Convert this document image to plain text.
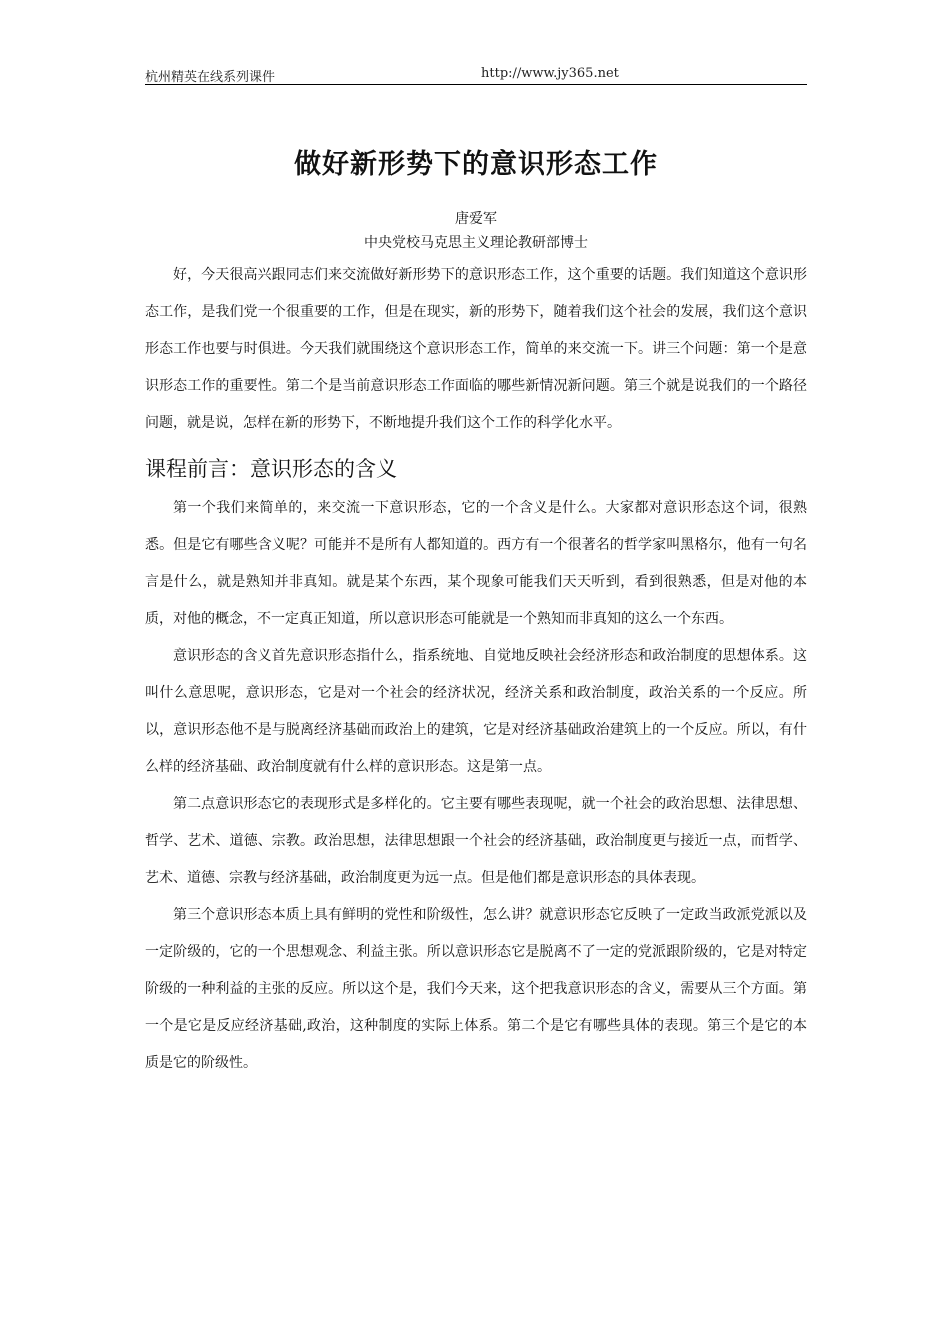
杭州精英在线系列课件	http://www.jy365.net
做好新形势下的意识形态工作
唐爱军
中央党校马克思主义理论教研部博士

好，今天很高兴跟同志们来交流做好新形势下的意识形态工作，这个重要的话题。我们知道这个意识形态工作，是我们党一个很重要的工作，但是在现实，新的形势下，随着我们这个社会的发展，我们这个意识形态工作也要与时俱进。今天我们就围绕这个意识形态工作，简单的来交流一下。讲三个问题：第一个是意识形态工作的重要性。第二个是当前意识形态工作面临的哪些新情况新问题。第三个就是说我们的一个路径问题，就是说，怎样在新的形势下，不断地提升我们这个工作的科学化水平。

课程前言：意识形态的含义

第一个我们来简单的，来交流一下意识形态，它的一个含义是什么。大家都对意识形态这个词，很熟悉。但是它有哪些含义呢？可能并不是所有人都知道的。西方有一个很著名的哲学家叫黑格尔，他有一句名言是什么，就是熟知并非真知。就是某个东西，某个现象可能我们天天听到，看到很熟悉，但是对他的本质，对他的概念，不一定真正知道，所以意识形态可能就是一个熟知而非真知的这么一个东西。

意识形态的含义首先意识形态指什么，指系统地、自觉地反映社会经济形态和政治制度的思想体系。这叫什么意思呢，意识形态，它是对一个社会的经济状况，经济关系和政治制度，政治关系的一个反应。所以，意识形态他不是与脱离经济基础而政治上的建筑，它是对经济基础政治建筑上的一个反应。所以，有什么样的经济基础、政治制度就有什么样的意识形态。这是第一点。

第二点意识形态它的表现形式是多样化的。它主要有哪些表现呢，就一个社会的政治思想、法律思想、哲学、艺术、道德、宗教。政治思想，法律思想跟一个社会的经济基础，政治制度更与接近一点，而哲学、艺术、道德、宗教与经济基础，政治制度更为远一点。但是他们都是意识形态的具体表现。

第三个意识形态本质上具有鲜明的党性和阶级性，怎么讲？就意识形态它反映了一定政当政派党派以及一定阶级的，它的一个思想观念、利益主张。所以意识形态它是脱离不了一定的党派跟阶级的，它是对特定阶级的一种利益的主张的反应。所以这个是，我们今天来，这个把我意识形态的含义，需要从三个方面。第一个是它是反应经济基础,政治，这种制度的实际上体系。第二个是它有哪些具体的表现。第三个是它的本质是它的阶级性。
